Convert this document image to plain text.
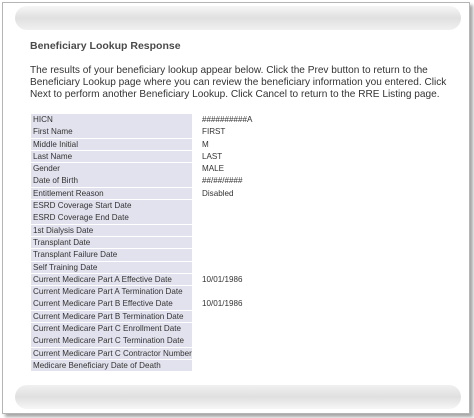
Beneficiary Lookup Response
The results of your beneficiary lookup appear below. Click the Prev button to return to the
Beneficiary Lookup page where you can review the beneficiary information you entered. Click
Next to perform another Beneficiary Lookup. Click Cancel to return to the RRE Listing page.
HICN	##########A
First Name	FIRST
Middle Initial	M
Last Name	LAST
Gender	MALE
Date of Birth	##/##/####
Entitlement Reason	Disabled
ESRD Coverage Start Date
ESRD Coverage End Date
1st Dialysis Date
Transplant Date
Transplant Failure Date
Self Training Date
Current Medicare Part A Effective Date	10/01/1986
Current Medicare Part A Termination Date
Current Medicare Part B Effective Date	10/01/1986
Current Medicare Part B Termination Date
Current Medicare Part C Enrollment Date
Current Medicare Part C Termination Date
Current Medicare Part C Contractor Number
Medicare Beneficiary Date of Death
